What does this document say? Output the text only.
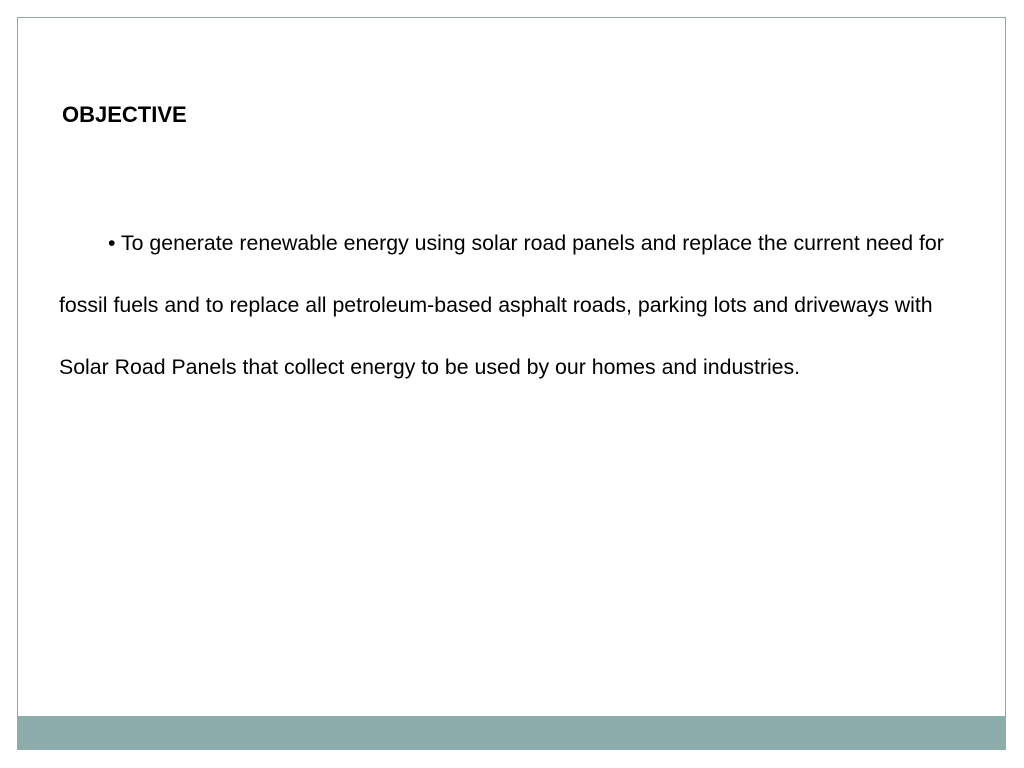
OBJECTIVE

• To generate renewable energy using solar road panels and replace the current need for fossil fuels and to replace all petroleum-based asphalt roads, parking lots and driveways with Solar Road Panels that collect energy to be used by our homes and industries.
